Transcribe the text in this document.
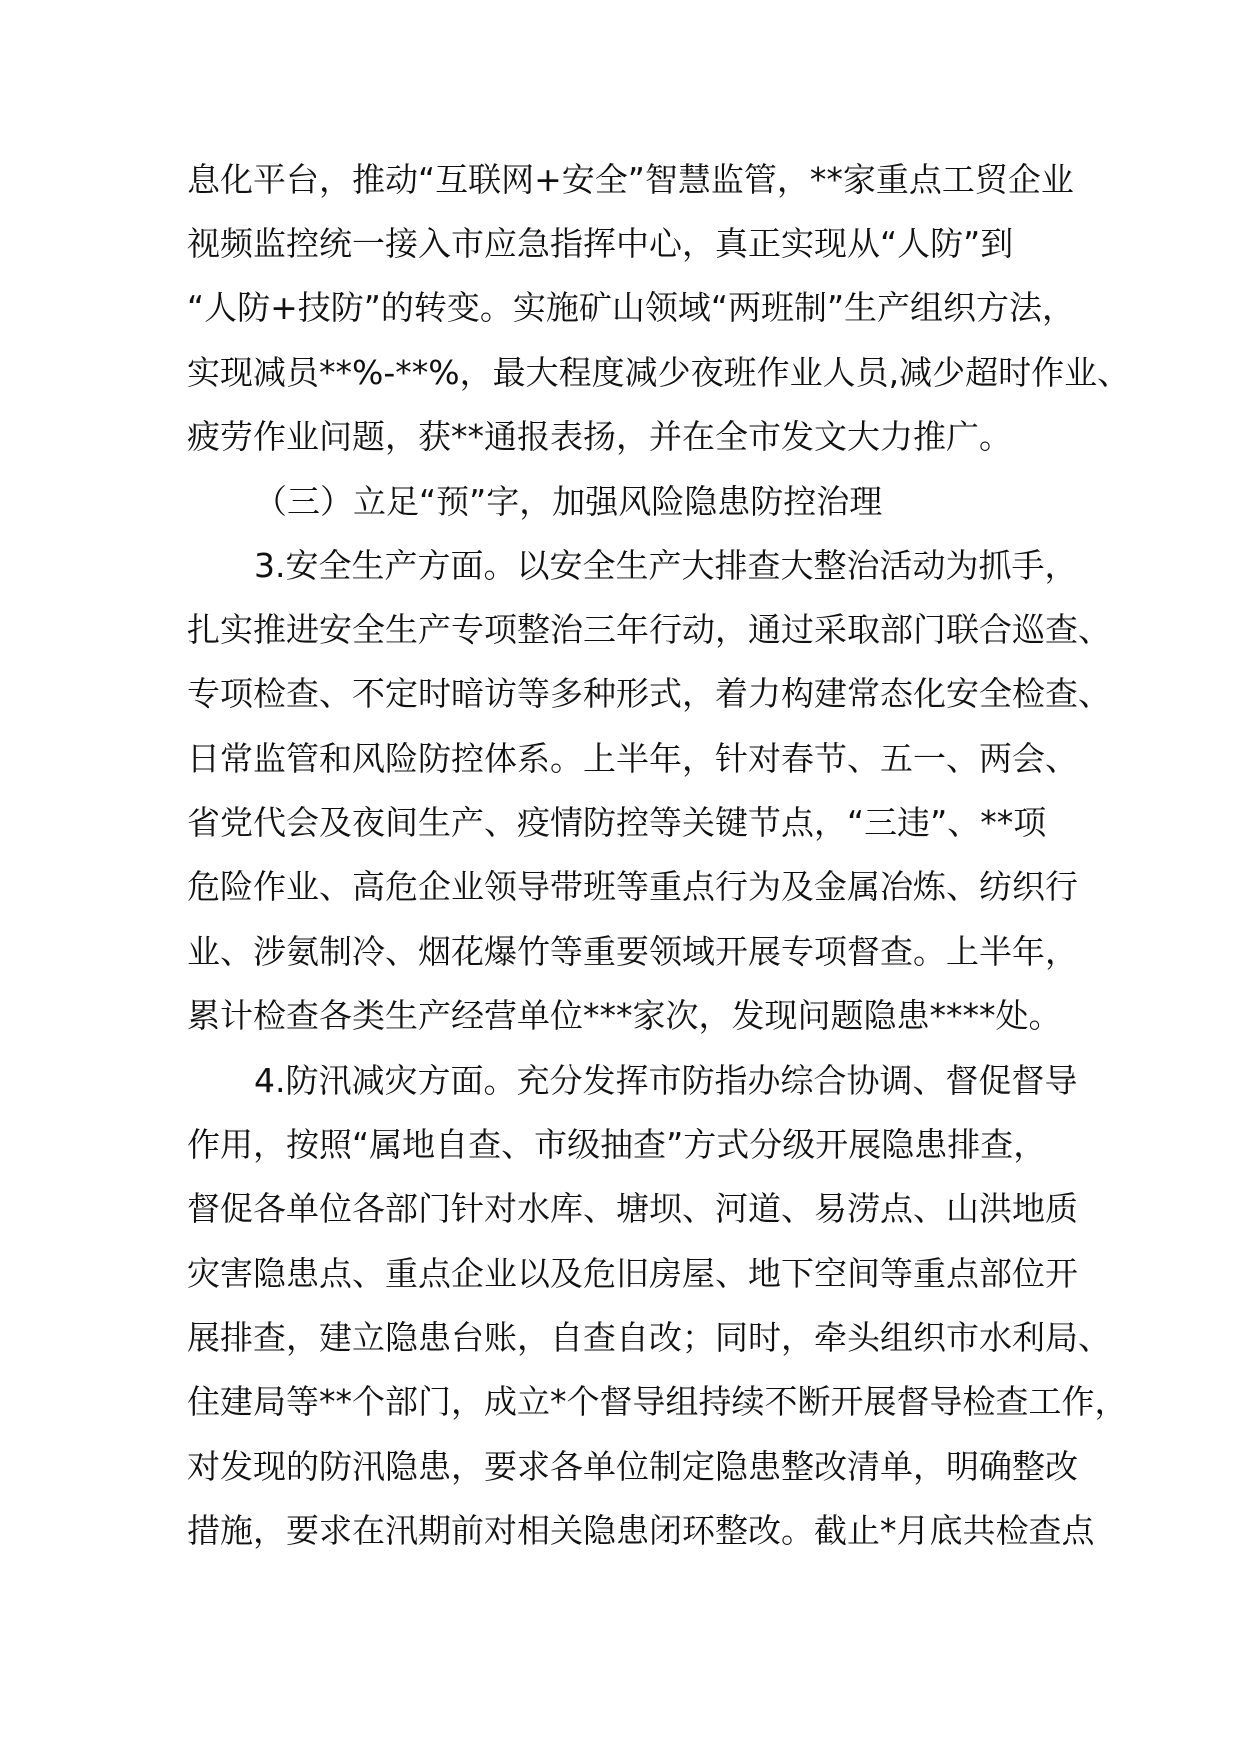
息化平台，推动“互联网+安全”智慧监管，**家重点工贸企业
视频监控统一接入市应急指挥中心，真正实现从“人防”到
“人防+技防”的转变。实施矿山领域“两班制”生产组织方法，
实现减员**%-**%，最大程度减少夜班作业人员,减少超时作业、
疲劳作业问题，获**通报表扬，并在全市发文大力推广。
（三）立足“预”字，加强风险隐患防控治理
3.安全生产方面。以安全生产大排查大整治活动为抓手，
扎实推进安全生产专项整治三年行动，通过采取部门联合巡查、
专项检查、不定时暗访等多种形式，着力构建常态化安全检查、
日常监管和风险防控体系。上半年，针对春节、五一、两会、
省党代会及夜间生产、疫情防控等关键节点，“三违”、**项
危险作业、高危企业领导带班等重点行为及金属冶炼、纺织行
业、涉氨制冷、烟花爆竹等重要领域开展专项督查。上半年，
累计检查各类生产经营单位***家次，发现问题隐患****处。
4.防汛减灾方面。充分发挥市防指办综合协调、督促督导
作用，按照“属地自查、市级抽查”方式分级开展隐患排查，
督促各单位各部门针对水库、塘坝、河道、易涝点、山洪地质
灾害隐患点、重点企业以及危旧房屋、地下空间等重点部位开
展排查，建立隐患台账，自查自改；同时，牵头组织市水利局、
住建局等**个部门，成立*个督导组持续不断开展督导检查工作，
对发现的防汛隐患，要求各单位制定隐患整改清单，明确整改
措施，要求在汛期前对相关隐患闭环整改。截止*月底共检查点
